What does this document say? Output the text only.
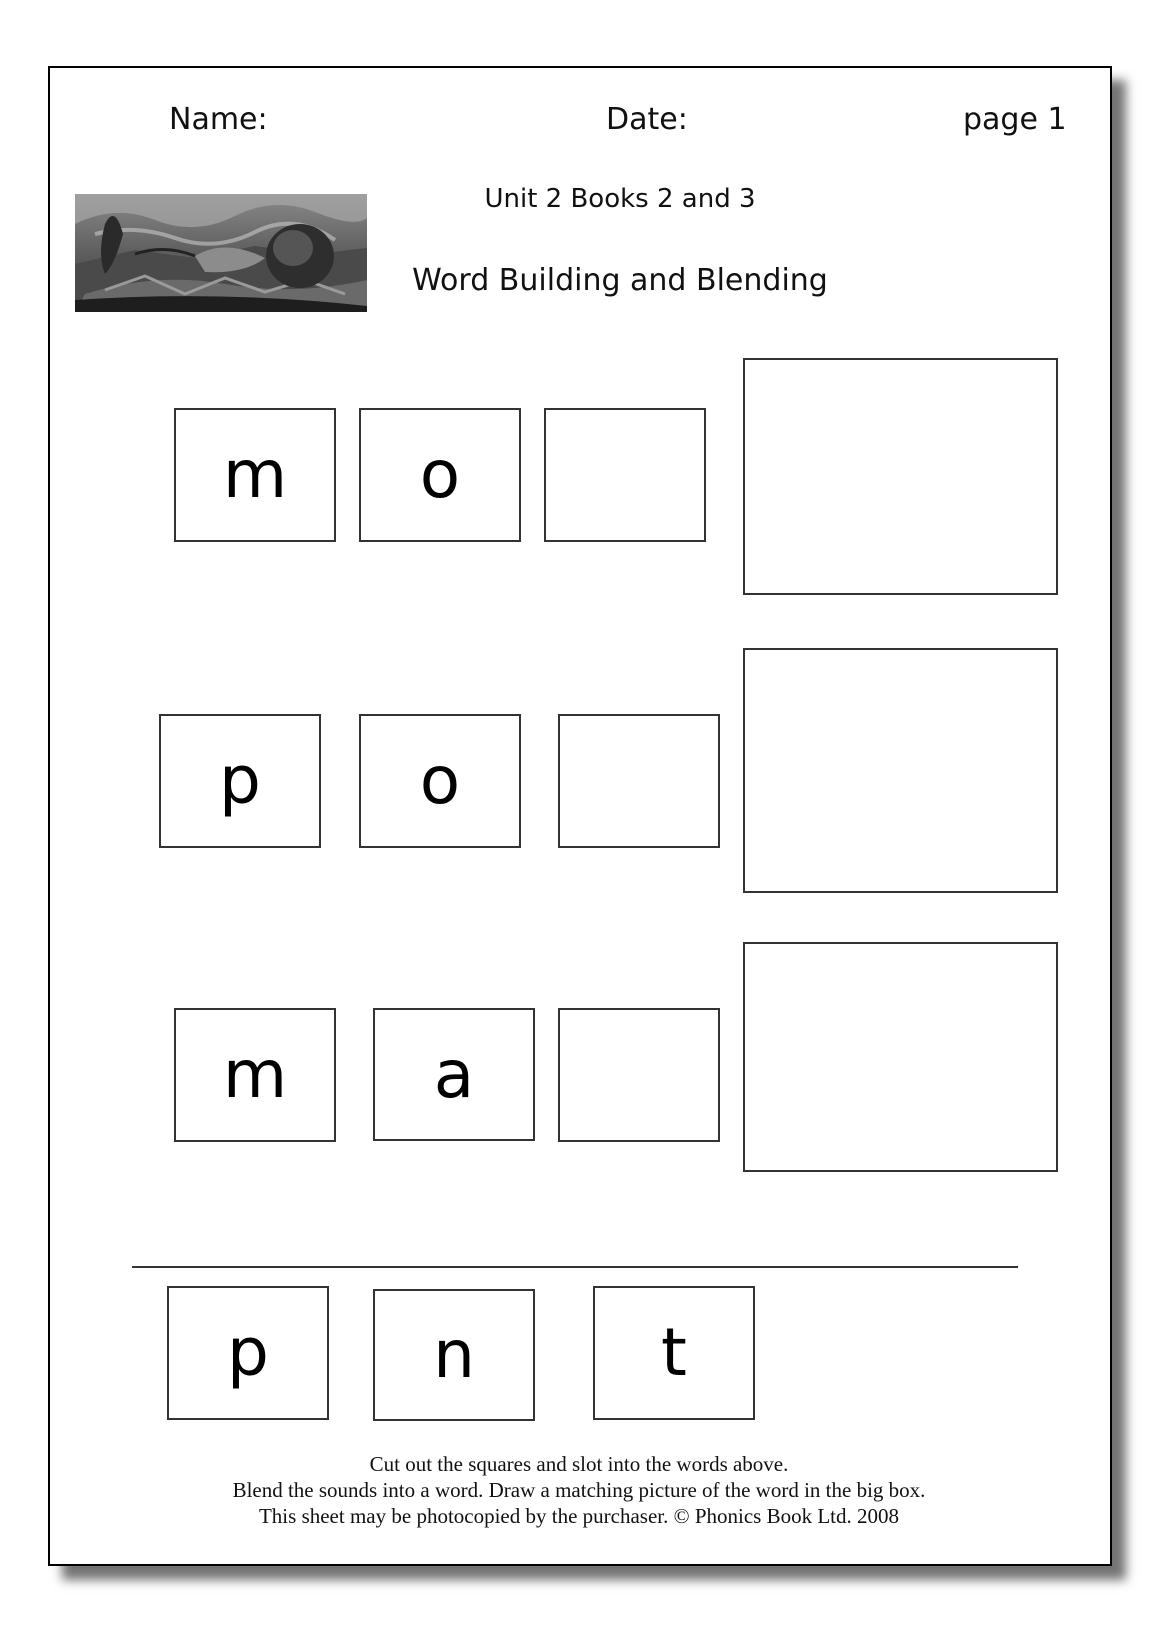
Name:	Date:	page 1
Unit 2 Books 2 and 3
Word Building and Blending
m	o
p	o
m	a
p	n	t
Cut out the squares and slot into the words above.
Blend the sounds into a word. Draw a matching picture of the word in the big box.
This sheet may be photocopied by the purchaser. © Phonics Book Ltd. 2008
